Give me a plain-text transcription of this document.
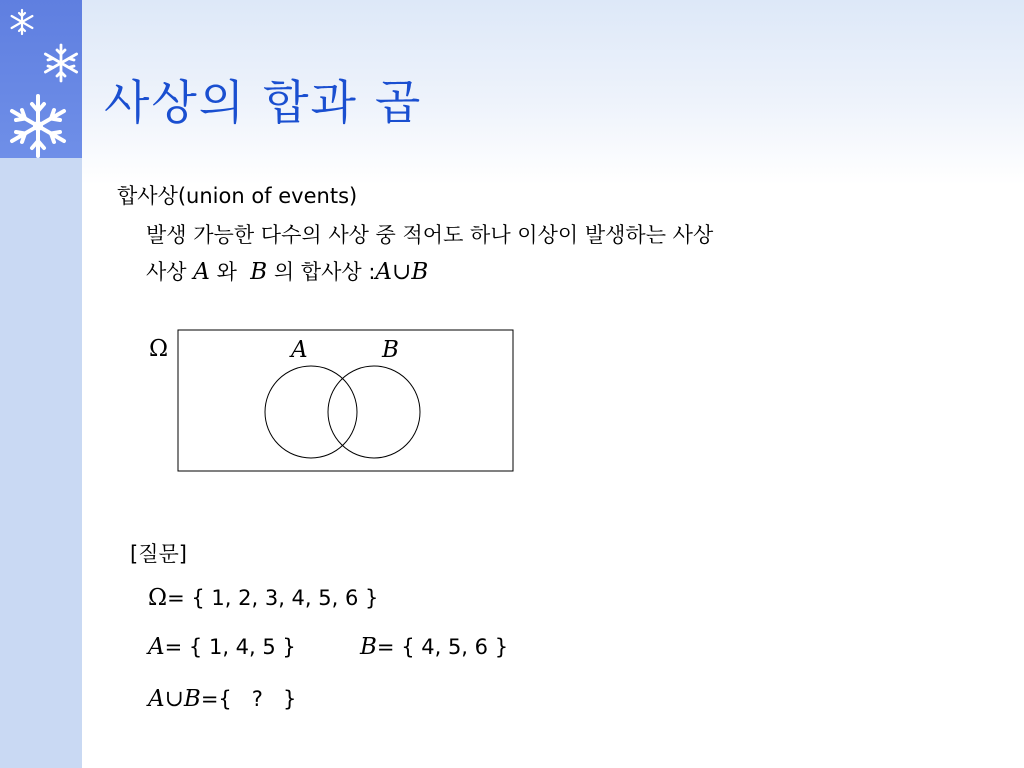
사상의 합과 곱
합사상(union of events)
발생 가능한 다수의 사상 중 적어도 하나 이상이 발생하는 사상
사상 A 와 B 의 합사상 :A∪B
Ω	A	B
[질문]
Ω= { 1, 2, 3, 4, 5, 6 }
A= { 1, 4, 5 }	B= { 4, 5, 6 }
A∪B={   ?   }
